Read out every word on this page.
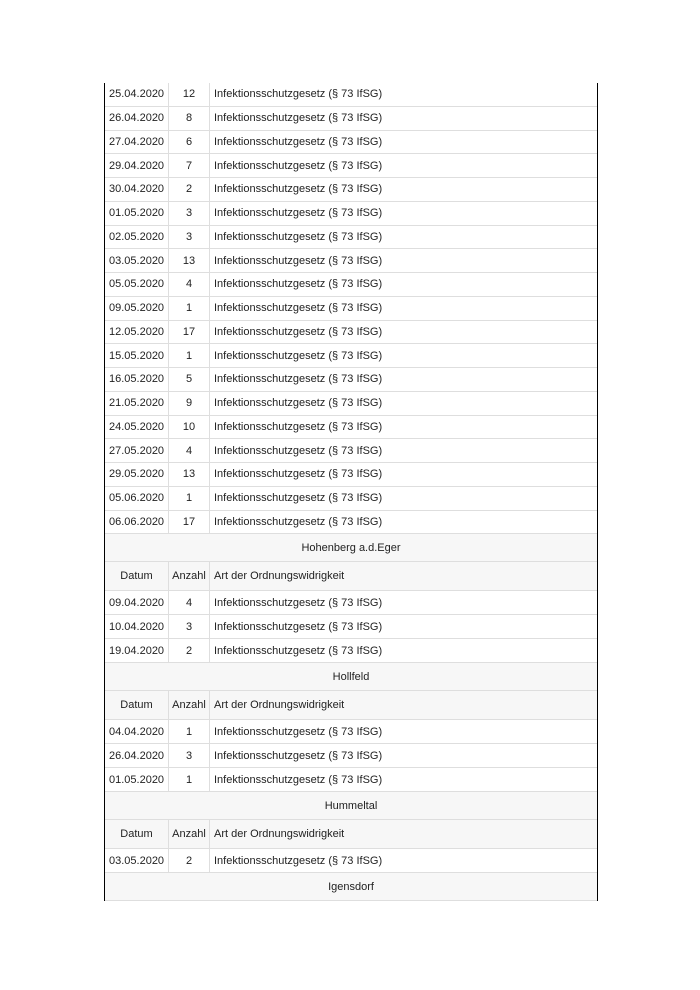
25.04.2020	12	Infektionsschutzgesetz (§ 73 IfSG)
26.04.2020	8	Infektionsschutzgesetz (§ 73 IfSG)
27.04.2020	6	Infektionsschutzgesetz (§ 73 IfSG)
29.04.2020	7	Infektionsschutzgesetz (§ 73 IfSG)
30.04.2020	2	Infektionsschutzgesetz (§ 73 IfSG)
01.05.2020	3	Infektionsschutzgesetz (§ 73 IfSG)
02.05.2020	3	Infektionsschutzgesetz (§ 73 IfSG)
03.05.2020	13	Infektionsschutzgesetz (§ 73 IfSG)
05.05.2020	4	Infektionsschutzgesetz (§ 73 IfSG)
09.05.2020	1	Infektionsschutzgesetz (§ 73 IfSG)
12.05.2020	17	Infektionsschutzgesetz (§ 73 IfSG)
15.05.2020	1	Infektionsschutzgesetz (§ 73 IfSG)
16.05.2020	5	Infektionsschutzgesetz (§ 73 IfSG)
21.05.2020	9	Infektionsschutzgesetz (§ 73 IfSG)
24.05.2020	10	Infektionsschutzgesetz (§ 73 IfSG)
27.05.2020	4	Infektionsschutzgesetz (§ 73 IfSG)
29.05.2020	13	Infektionsschutzgesetz (§ 73 IfSG)
05.06.2020	1	Infektionsschutzgesetz (§ 73 IfSG)
06.06.2020	17	Infektionsschutzgesetz (§ 73 IfSG)
Hohenberg a.d.Eger
Datum	Anzahl Art der Ordnungswidrigkeit
09.04.2020	4	Infektionsschutzgesetz (§ 73 IfSG)
10.04.2020	3	Infektionsschutzgesetz (§ 73 IfSG)
19.04.2020	2	Infektionsschutzgesetz (§ 73 IfSG)
Hollfeld
Datum	Anzahl Art der Ordnungswidrigkeit
04.04.2020	1	Infektionsschutzgesetz (§ 73 IfSG)
26.04.2020	3	Infektionsschutzgesetz (§ 73 IfSG)
01.05.2020	1	Infektionsschutzgesetz (§ 73 IfSG)
Hummeltal
Datum	Anzahl Art der Ordnungswidrigkeit
03.05.2020	2	Infektionsschutzgesetz (§ 73 IfSG)
Igensdorf
